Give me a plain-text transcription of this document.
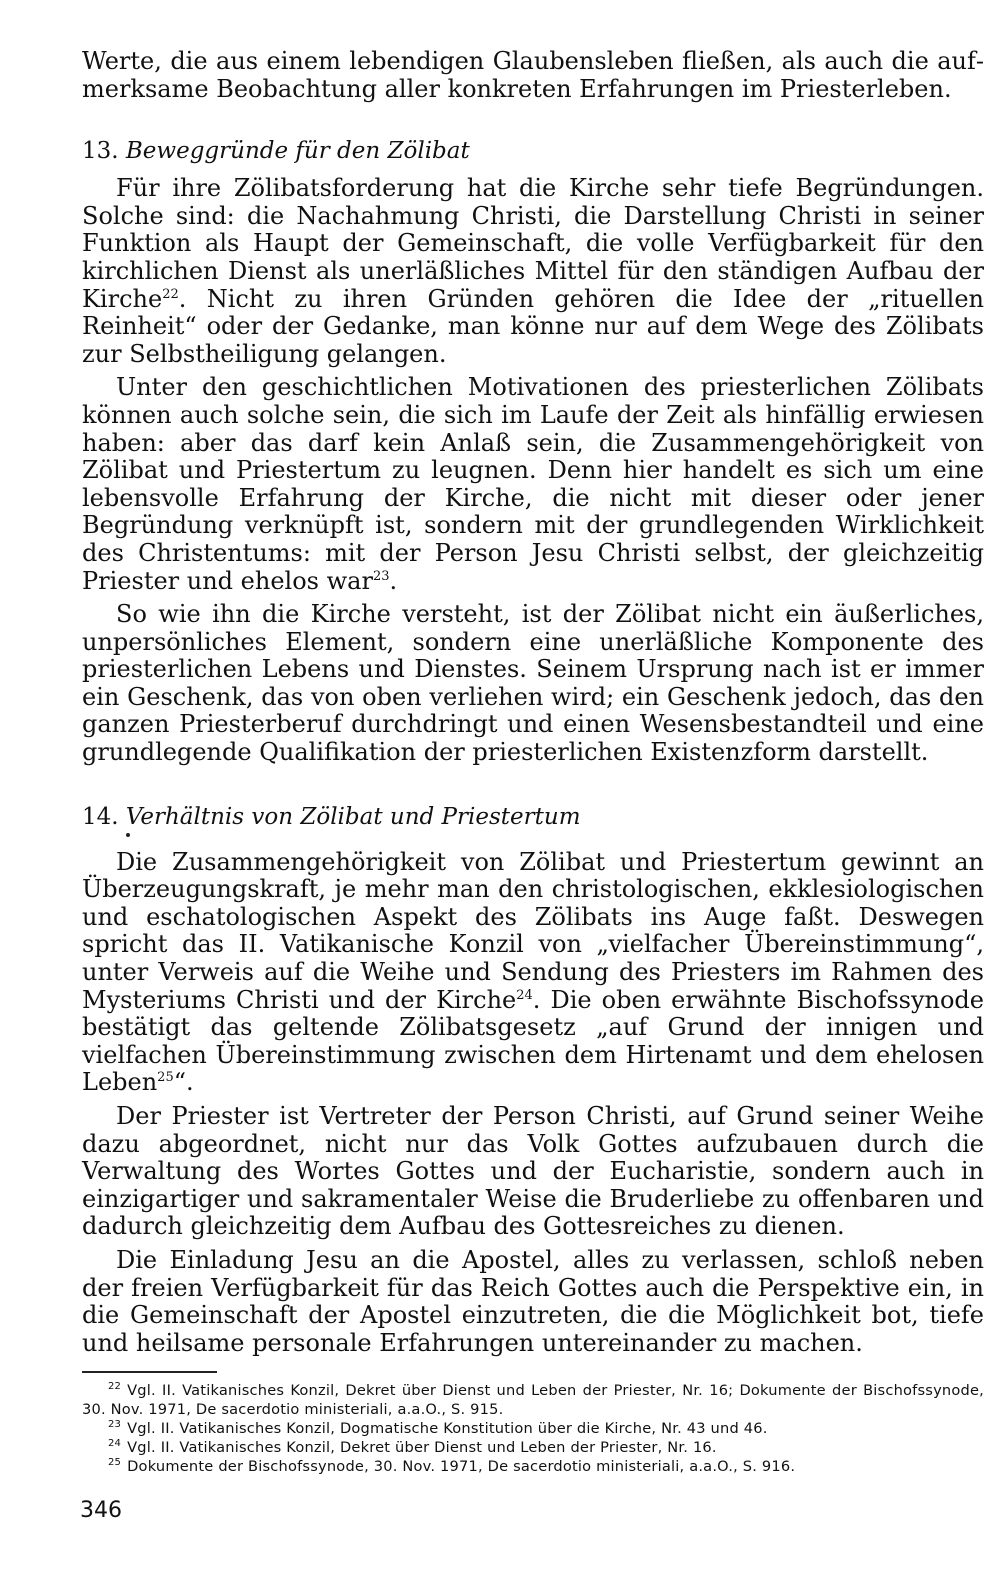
Werte, die aus einem lebendigen Glaubensleben fließen, als auch die aufmerksame Beobachtung aller konkreten Erfahrungen im Priesterleben.

13. Beweggründe für den Zölibat

Für ihre Zölibatsforderung hat die Kirche sehr tiefe Begründungen. Solche sind: die Nachahmung Christi, die Darstellung Christi in seiner Funktion als Haupt der Gemeinschaft, die volle Verfügbarkeit für den kirchlichen Dienst als unerläßliches Mittel für den ständigen Aufbau der Kirche$^{22}$. Nicht zu ihren Gründen gehören die Idee der „rituellen Reinheit“ oder der Gedanke, man könne nur auf dem Wege des Zölibats zur Selbstheiligung gelangen.

Unter den geschichtlichen Motivationen des priesterlichen Zölibats können auch solche sein, die sich im Laufe der Zeit als hinfällig erwiesen haben: aber das darf kein Anlaß sein, die Zusammengehörigkeit von Zölibat und Priestertum zu leugnen. Denn hier handelt es sich um eine lebensvolle Erfahrung der Kirche, die nicht mit dieser oder jener Begründung verknüpft ist, sondern mit der grundlegenden Wirklichkeit des Christentums: mit der Person Jesu Christi selbst, der gleichzeitig Priester und ehelos war$^{23}$.

So wie ihn die Kirche versteht, ist der Zölibat nicht ein äußerliches, unpersönliches Element, sondern eine unerläßliche Komponente des priesterlichen Lebens und Dienstes. Seinem Ursprung nach ist er immer ein Geschenk, das von oben verliehen wird; ein Geschenk jedoch, das den ganzen Priesterberuf durchdringt und einen Wesensbestandteil und eine grundlegende Qualifikation der priesterlichen Existenzform darstellt.

14. Verhältnis von Zölibat und Priestertum

Die Zusammengehörigkeit von Zölibat und Priestertum gewinnt an Überzeugungskraft, je mehr man den christologischen, ekklesiologischen und eschatologischen Aspekt des Zölibats ins Auge faßt. Deswegen spricht das II. Vatikanische Konzil von „vielfacher Übereinstimmung“, unter Verweis auf die Weihe und Sendung des Priesters im Rahmen des Mysteriums Christi und der Kirche$^{24}$. Die oben erwähnte Bischofssynode bestätigt das geltende Zölibatsgesetz „auf Grund der innigen und vielfachen Übereinstimmung zwischen dem Hirtenamt und dem ehelosen Leben$^{25}$“.

Der Priester ist Vertreter der Person Christi, auf Grund seiner Weihe dazu abgeordnet, nicht nur das Volk Gottes aufzubauen durch die Verwaltung des Wortes Gottes und der Eucharistie, sondern auch in einzigartiger und sakramentaler Weise die Bruderliebe zu offenbaren und dadurch gleichzeitig dem Aufbau des Gottesreiches zu dienen.

Die Einladung Jesu an die Apostel, alles zu verlassen, schloß neben der freien Verfügbarkeit für das Reich Gottes auch die Perspektive ein, in die Gemeinschaft der Apostel einzutreten, die die Möglichkeit bot, tiefe und heilsame personale Erfahrungen untereinander zu machen.

$^{22}$ Vgl. II. Vatikanisches Konzil, Dekret über Dienst und Leben der Priester, Nr. 16; Dokumente der Bischofssynode, 30. Nov. 1971, De sacerdotio ministeriali, a.a.O., S. 915.
$^{23}$ Vgl. II. Vatikanisches Konzil, Dogmatische Konstitution über die Kirche, Nr. 43 und 46.
$^{24}$ Vgl. II. Vatikanisches Konzil, Dekret über Dienst und Leben der Priester, Nr. 16.
$^{25}$ Dokumente der Bischofssynode, 30. Nov. 1971, De sacerdotio ministeriali, a.a.O., S. 916.
346
